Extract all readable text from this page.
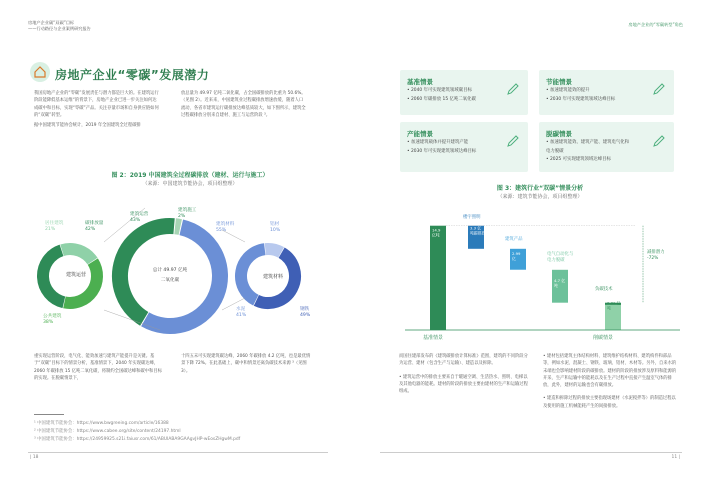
房地产企业碳“双碳”目标
——行动路径与企业案例研究报告
房地产企业“零碳”发展潜力
我国房地产企业的“零碳”发展责任与潜力都是巨大的。在建筑运行阶段能降低基本运维“的背景下，房地产企业已进一步关注如何达成碳中和目标，实现“零碳”产品。关注存量市场和自身供应链如何的“双碳”转型。
据中国建筑节能协会统计，2019 年全国建筑全过程碳排
放总量为 49.97 亿吨二氧化碳，占全国碳排放的比重为 50.6%。（见图 2）。近来来，中国建筑业过程碳排放增速放缓，随着人口流动、各省市建筑运行碳排放达峰基质较大，如下图所示，建筑全过程碳排放分别来自建材、施工与运营阶段 ³。
图 2：2019 中国建筑全过程碳排放（建材、运行与施工）
（来源：中国建筑节能协会，项目组整理）
居住建筑
21%
碳排放量
42%
公共建筑
38%
建筑运营
建筑运营
43%
建筑施工
2%
建筑材料
55%
总计 49.97 亿吨
二氧化碳
铝材
10%
钢铁
49%
水泥
41%
建筑材料
重实现运营阶段，电气化、能效加速与建筑产能提升是关键。基于“双碳”目标下的情景分析，基准情景下，2040 年实现碳达峰，2060 年碳排放 15 亿吨二氧化碳，将制约全国碳达峰和碳中和目标的实现。在脱碳情景下，
十四五末可实现建筑碳达峰，2060 年碳排放 4.2 亿吨，也是最优情景下降 72%。在此基础上，碳中和情景还离负碳技术来源 ³（见图 3）。
¹ 中国建筑节能协会：https://www.bwgreeing.com/article/16388
² 中国建筑节能协会：https://www.cabee.org/site/content/24197.html
³ 中国建筑节能协会：https://24959925.s21i.faiusr.com/61/ABUIABA9GAAgvJHP-wEosZHgwM.pdf
| 18
房地产企业的“零碳转型”角色
基准情景
• 2040 年可实现建筑领域碳目标
• 2060 年碳排放 15 亿吨二氧化碳
节能情景
• 加速建筑能效的提升
• 2030 年可实现建筑领域达峰目标
产能情景
• 加速建筑载体并提升建筑产能
• 2030 年可实现建筑领域达峰目标
脱碳情景
• 加速建筑能效、建筑产能、建筑电气化和电力脱碳
• 2025 可实现建筑领域达峰目标
图 3：建筑行业“双碳”情景分析
（来源：建筑节能协会，项目组整理）
14.9
亿吨
3.3 亿
吨碳排放
2.99
亿
4.7 亿
吨
0.31 亿
吨
楼宇照明
建筑产品
负碳技术
电气自动化与
电力脱碳
减排潜力
-72%
基准情景	削碳情景
而国住建部发布的《建筑碳排放计算标准》范围，建筑的不同阶段分为运营、建材（包含生产与运输）、建造以及拆除。
• 建筑运营中的排放主要来自于暖通空调、生活热水、照明、电梯以及其他电器的能耗。建材的阶段的排放主要由建材的生产和运输过程组成。
• 建材包括建筑主体结构材料、建筑维护结构材料、建筑构件和部品等，例如水泥、混凝土、钢铁、玻璃、铝材、木材等。另外，自来水的末端也会影响建材阶段的碳排放。建材的阶段的排放涉及原料和能源的开采、生产和运输中的能耗以及在生产过程中直接产生温室气体的排放，此外，建材的运输也会有碳排放。
• 建造和拆除过程的排放主要指现场建材（水泥搅拌等）的制造过程以及使用的施工机械能耗产生的间接排放。
11 |
